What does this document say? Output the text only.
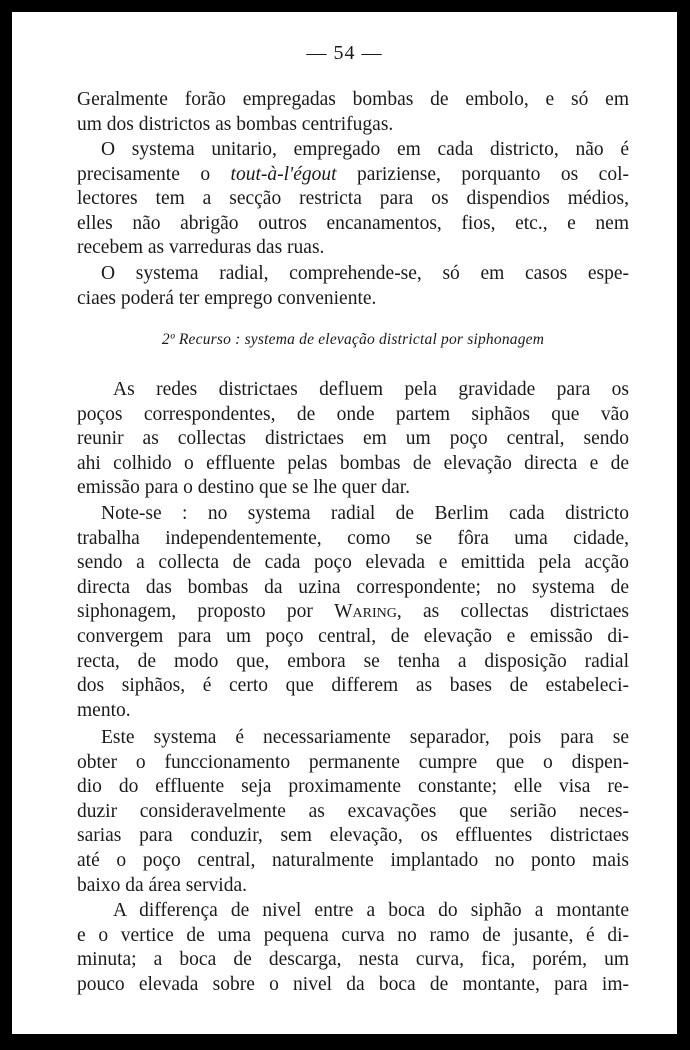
— 54 —
Geralmente forão empregadas bombas de embolo, e só em
um dos districtos as bombas centrifugas.
O systema unitario, empregado em cada districto, não é
precisamente o tout-à-l'égout pariziense, porquanto os col-
lectores tem a secção restricta para os dispendios médios,
elles não abrigão outros encanamentos, fios, etc., e nem
recebem as varreduras das ruas.
O systema radial, comprehende-se, só em casos espe-
ciaes poderá ter emprego conveniente.
2º Recurso : systema de elevação districtal por siphonagem
As redes districtaes defluem pela gravidade para os
poços correspondentes, de onde partem siphãos que vão
reunir as collectas districtaes em um poço central, sendo
ahi colhido o effluente pelas bombas de elevação directa e de
emissão para o destino que se lhe quer dar.
Note-se : no systema radial de Berlim cada districto
trabalha independentemente, como se fôra uma cidade,
sendo a collecta de cada poço elevada e emittida pela acção
directa das bombas da uzina correspondente; no systema de
siphonagem, proposto por Waring, as collectas districtaes
convergem para um poço central, de elevação e emissão di-
recta, de modo que, embora se tenha a disposição radial
dos siphãos, é certo que differem as bases de estabeleci-
mento.
Este systema é necessariamente separador, pois para se
obter o funccionamento permanente cumpre que o dispen-
dio do effluente seja proximamente constante; elle visa re-
duzir consideravelmente as excavações que serião neces-
sarias para conduzir, sem elevação, os effluentes districtaes
até o poço central, naturalmente implantado no ponto mais
baixo da área servida.
A differença de nivel entre a boca do siphão a montante
e o vertice de uma pequena curva no ramo de jusante, é di-
minuta; a boca de descarga, nesta curva, fica, porém, um
pouco elevada sobre o nivel da boca de montante, para im-
